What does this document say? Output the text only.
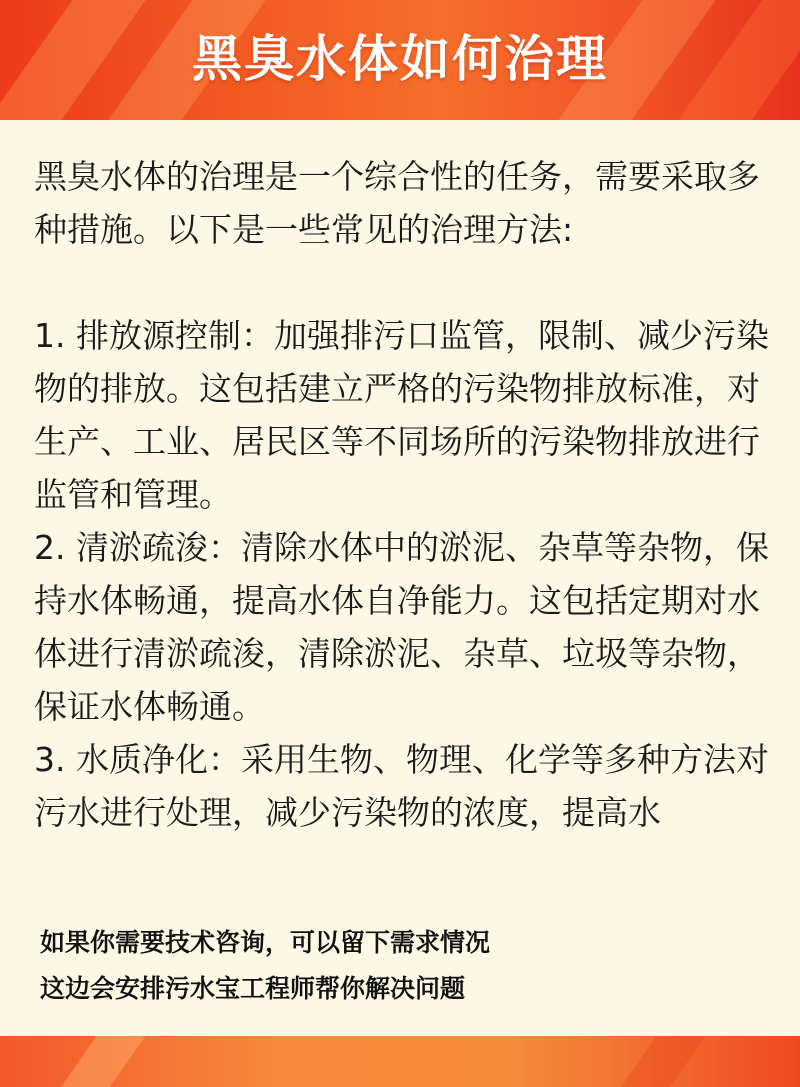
黑臭水体如何治理

黑臭水体的治理是一个综合性的任务，需要采取多种措施。以下是一些常见的治理方法:

1. 排放源控制：加强排污口监管，限制、减少污染物的排放。这包括建立严格的污染物排放标准，对生产、工业、居民区等不同场所的污染物排放进行监管和管理。

2. 清淤疏浚：清除水体中的淤泥、杂草等杂物，保持水体畅通，提高水体自净能力。这包括定期对水体进行清淤疏浚，清除淤泥、杂草、垃圾等杂物，保证水体畅通。

3. 水质净化：采用生物、物理、化学等多种方法对污水进行处理，减少污染物的浓度，提高水

如果你需要技术咨询，可以留下需求情况

这边会安排污水宝工程师帮你解决问题
